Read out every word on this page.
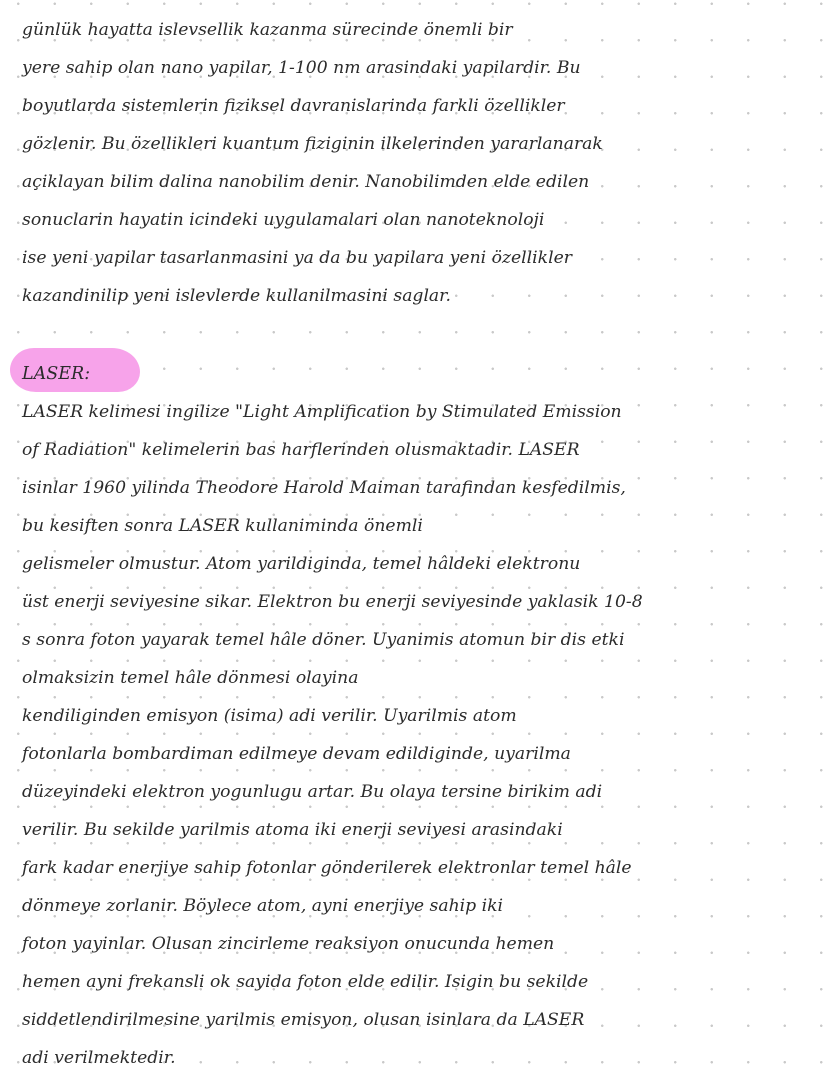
günlük hayatta islevsellik kazanma sürecinde önemli bir
yere sahip olan nano yapilar, 1-100 nm arasindaki yapilardir. Bu
boyutlarda sistemlerin fiziksel davranislarinda farkli özellikler
gözlenir. Bu özellikleri kuantum fiziginin ilkelerinden yararlanarak
açiklayan bilim dalina nanobilim denir. Nanobilimden elde edilen
sonuclarin hayatin icindeki uygulamalari olan nanoteknoloji
ise yeni yapilar tasarlanmasini ya da bu yapilara yeni özellikler
kazandinilip yeni islevlerde kullanilmasini saglar.
LASER:
LASER kelimesi ingilize "Light Amplification by Stimulated Emission
of Radiation" kelimelerin bas harflerinden olusmaktadir. LASER
isinlar 1960 yilinda Theodore Harold Maiman tarafindan kesfedilmis,
bu kesiften sonra LASER kullaniminda önemli
gelismeler olmustur. Atom yarildiginda, temel hâldeki elektronu
üst enerji seviyesine sikar. Elektron bu enerji seviyesinde yaklasik 10-8
s sonra foton yayarak temel hâle döner. Uyanimis atomun bir dis etki
olmaksizin temel hâle dönmesi olayina
kendiliginden emisyon (isima) adi verilir. Uyarilmis atom
fotonlarla bombardiman edilmeye devam edildiginde, uyarilma
düzeyindeki elektron yogunlugu artar. Bu olaya tersine birikim adi
verilir. Bu sekilde yarilmis atoma iki enerji seviyesi arasindaki
fark kadar enerjiye sahip fotonlar gönderilerek elektronlar temel hâle
dönmeye zorlanir. Böylece atom, ayni enerjiye sahip iki
foton yayinlar. Olusan zincirleme reaksiyon onucunda hemen
hemen ayni frekansli ok sayida foton elde edilir. Isigin bu sekilde
siddetlendirilmesine yarilmis emisyon, olusan isinlara da LASER
adi verilmektedir.
